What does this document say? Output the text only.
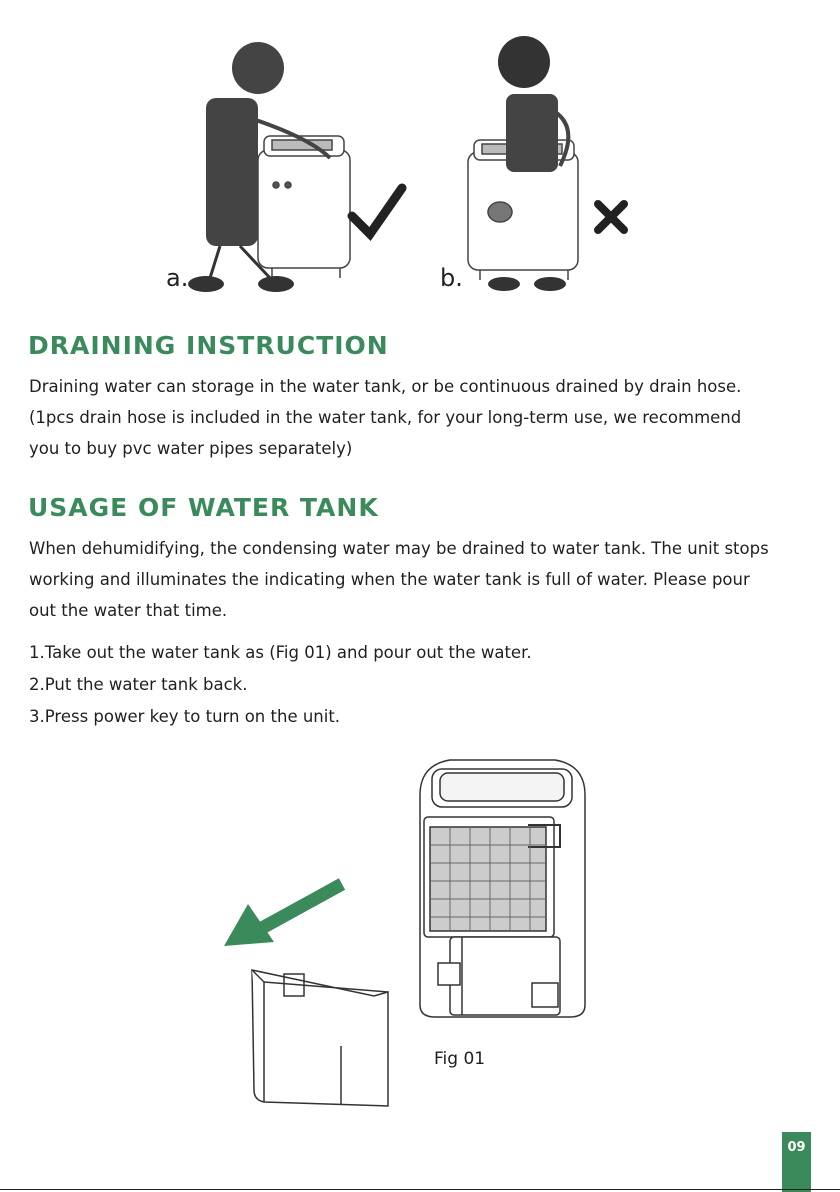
a.	b.
DRAINING INSTRUCTION
Draining water can storage in the water tank, or be continuous drained by drain hose.
(1pcs drain hose is included in the water tank, for your long-term use, we recommend
you to buy pvc water pipes separately)
USAGE OF WATER TANK
When dehumidifying, the condensing water may be drained to water tank. The unit stops
working and illuminates the indicating when the water tank is full of water. Please pour
out the water that time.
1.Take out the water tank as (Fig 01) and pour out the water.
2.Put the water tank back.
3.Press power key to turn on the unit.
Fig 01
09
